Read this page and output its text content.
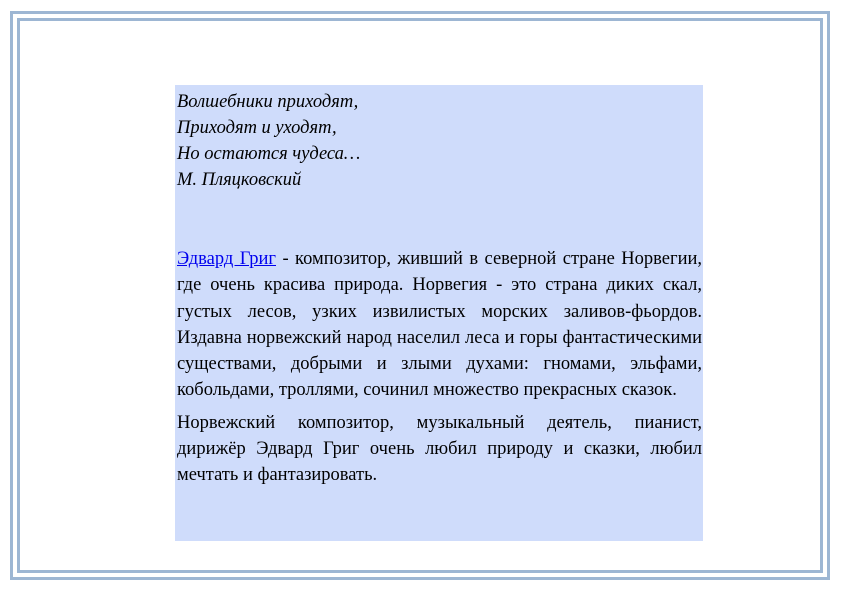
Волшебники приходят,

Приходят и уходят,

Но остаются чудеса…

М. Пляцковский

Эдвард Григ - композитор, живший в северной стране Норвегии, где очень красива природа. Норвегия - это страна диких скал, густых лесов, узких извилистых морских заливов-фьордов. Издавна норвежский народ населил леса и горы фантастическими существами, добрыми и злыми духами: гномами, эльфами, кобольдами, троллями, сочинил множество прекрасных сказок.

Норвежский композитор, музыкальный деятель, пианист, дирижёр Эдвард Григ очень любил природу и сказки, любил мечтать и фантазировать.
